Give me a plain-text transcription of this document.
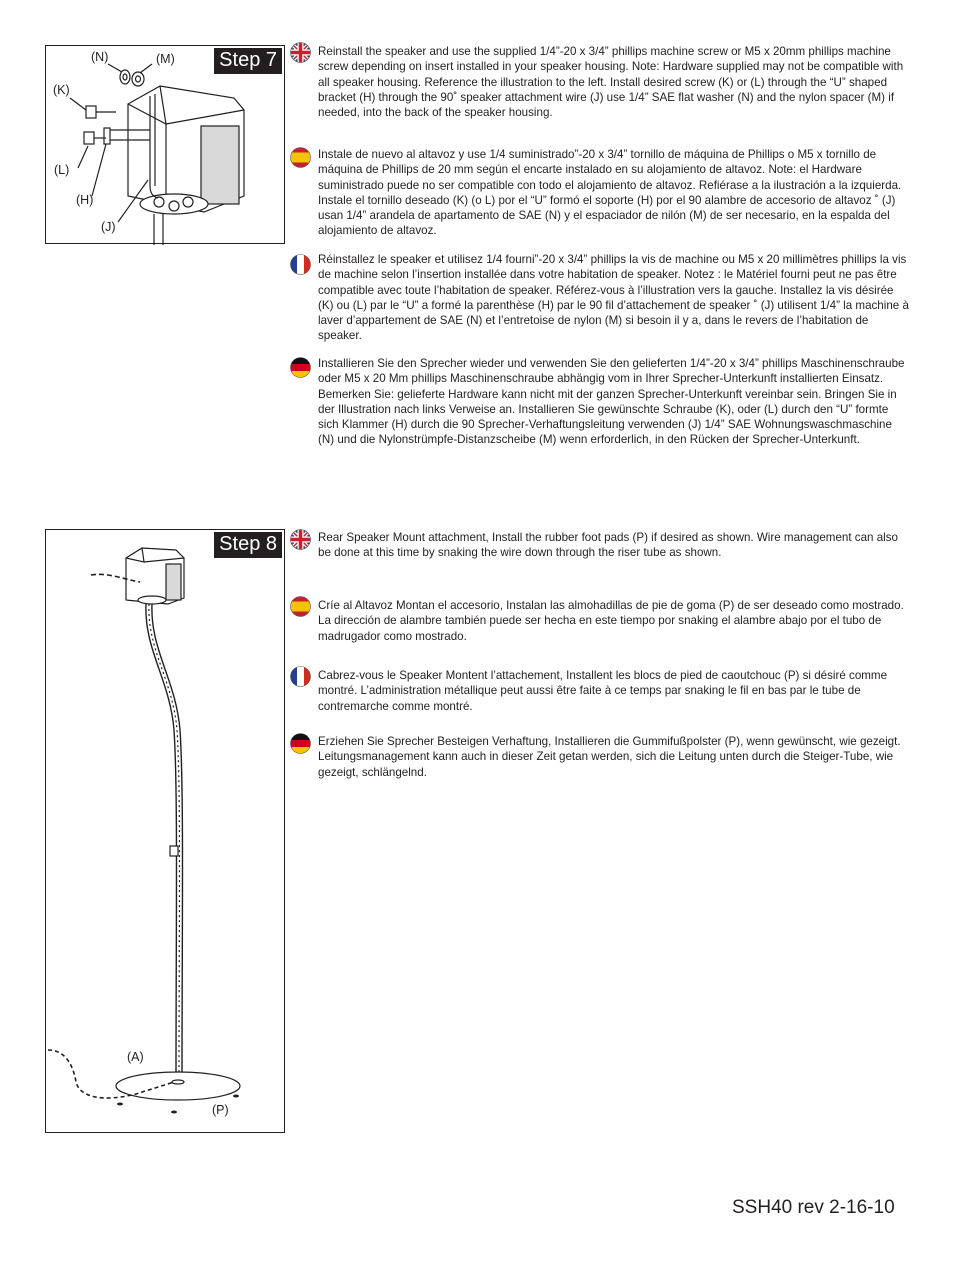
Step 7
(N)	(M)
(K)
(L)
(H)
(J)

Reinstall the speaker and use the supplied 1/4”-20 x 3/4” phillips machine screw or M5 x 20mm phillips machine screw depending on insert installed in your speaker housing. Note: Hardware supplied may not be compatible with all speaker housing. Reference the illustration to the left. Install desired screw (K) or (L) through the “U” shaped bracket (H) through the 90˚ speaker attachment wire (J) use 1/4” SAE flat washer (N) and the nylon spacer (M) if needed, into the back of the speaker housing.

Instale de nuevo al altavoz y use 1/4 suministrado”-20 x 3/4” tornillo de máquina de Phillips o M5 x tornillo de máquina de Phillips de 20 mm según el encarte instalado en su alojamiento de altavoz. Note: el Hardware suministrado puede no ser compatible con todo el alojamiento de altavoz. Refiérase a la ilustración a la izquierda. Instale el tornillo deseado (K) (o L) por el “U” formó el soporte (H) por el 90 alambre de accesorio de altavoz ˚ (J) usan 1/4” arandela de apartamento de SAE (N) y el espaciador de nilón (M) de ser necesario, en la espalda del alojamiento de altavoz.

Réinstallez le speaker et utilisez 1/4 fourni”-20 x 3/4” phillips la vis de machine ou M5 x 20 millimètres phillips la vis de machine selon l’insertion installée dans votre habitation de speaker. Notez : le Matériel fourni peut ne pas être compatible avec toute l’habitation de speaker. Référez-vous à l’illustration vers la gauche. Installez la vis désirée (K) ou (L) par le “U” a formé la parenthèse (H) par le 90 fil d’attachement de speaker ˚ (J) utilisent 1/4” la machine à laver d’appartement de SAE (N) et l’entretoise de nylon (M) si besoin il y a, dans le revers de l’habitation de speaker.

Installieren Sie den Sprecher wieder und verwenden Sie den gelieferten 1/4”-20 x 3/4” phillips Maschinenschraube oder M5 x 20 Mm phillips Maschinenschraube abhängig vom in Ihrer Sprecher-Unterkunft installierten Einsatz. Bemerken Sie: gelieferte Hardware kann nicht mit der ganzen Sprecher-Unterkunft vereinbar sein. Bringen Sie in der Illustration nach links Verweise an. Installieren Sie gewünschte Schraube (K), oder (L) durch den “U” formte sich Klammer (H) durch die 90 Sprecher-Verhaftungsleitung verwenden (J) 1/4” SAE Wohnungswaschmaschine (N) und die Nylonstrümpfe-Distanzscheibe (M) wenn erforderlich, in den Rücken der Sprecher-Unterkunft.

Step 8
(A)
(P)

Rear Speaker Mount attachment, Install the rubber foot pads (P) if desired as shown. Wire management can also be done at this time by snaking the wire down through the riser tube as shown.

Críe al Altavoz Montan el accesorio, Instalan las almohadillas de pie de goma (P) de ser deseado como mostrado. La dirección de alambre también puede ser hecha en este tiempo por snaking el alambre abajo por el tubo de madrugador como mostrado.

Cabrez-vous le Speaker Montent l’attachement, Installent les blocs de pied de caoutchouc (P) si désiré comme montré. L’administration métallique peut aussi être faite à ce temps par snaking le fil en bas par le tube de contremarche comme montré.

Erziehen Sie Sprecher Besteigen Verhaftung, Installieren die Gummifußpolster (P), wenn gewünscht, wie gezeigt. Leitungsmanagement kann auch in dieser Zeit getan werden, sich die Leitung unten durch die Steiger-Tube, wie gezeigt, schlängelnd.

SSH40 rev 2-16-10
